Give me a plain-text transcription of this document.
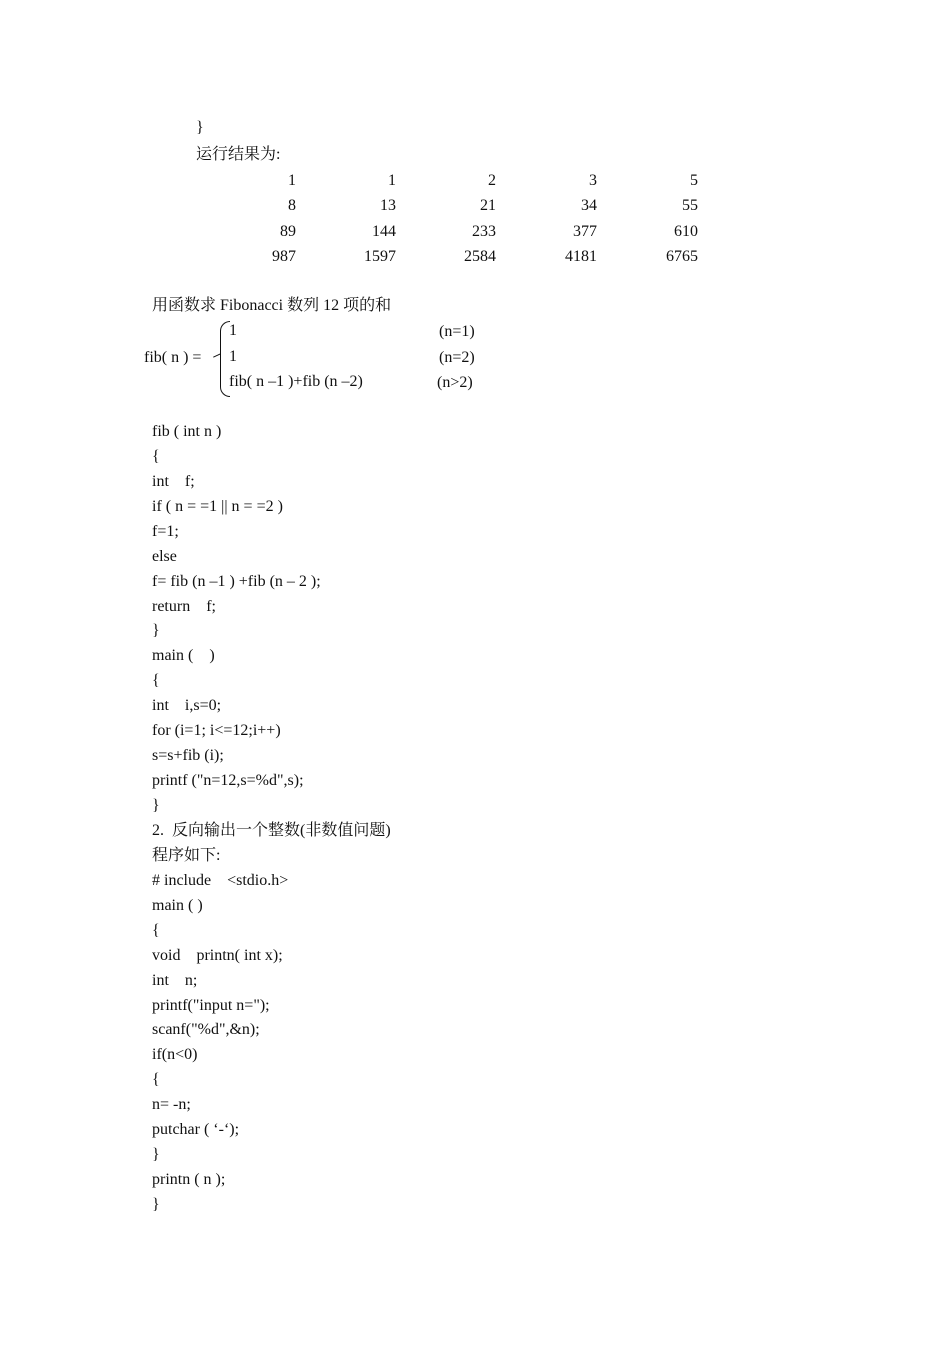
}
运行结果为:
1	1	2	3	5
8	13	21	34	55
89	144	233	377	610
987	1597	2584	4181	6765
用函数求 Fibonacci 数列 12 项的和
fib( n ) =
1	(n=1)
1	(n=2)
fib( n –1 )+fib (n –2)	(n>2)
fib ( int n )
{
int    f;
if ( n = =1 || n = =2 )
f=1;
else
f= fib (n –1 ) +fib (n – 2 );
return    f;
}
main (    )
{
int    i,s=0;
for (i=1; i<=12;i++)
s=s+fib (i);
printf ("n=12,s=%d",s);
}
2.  反向输出一个整数(非数值问题)
程序如下:
# include    <stdio.h>
main ( )
{
void    printn( int x);
int    n;
printf("input n=");
scanf("%d",&n);
if(n<0)
{
n= -n;
putchar ( ‘-‘);
}
printn ( n );
}
